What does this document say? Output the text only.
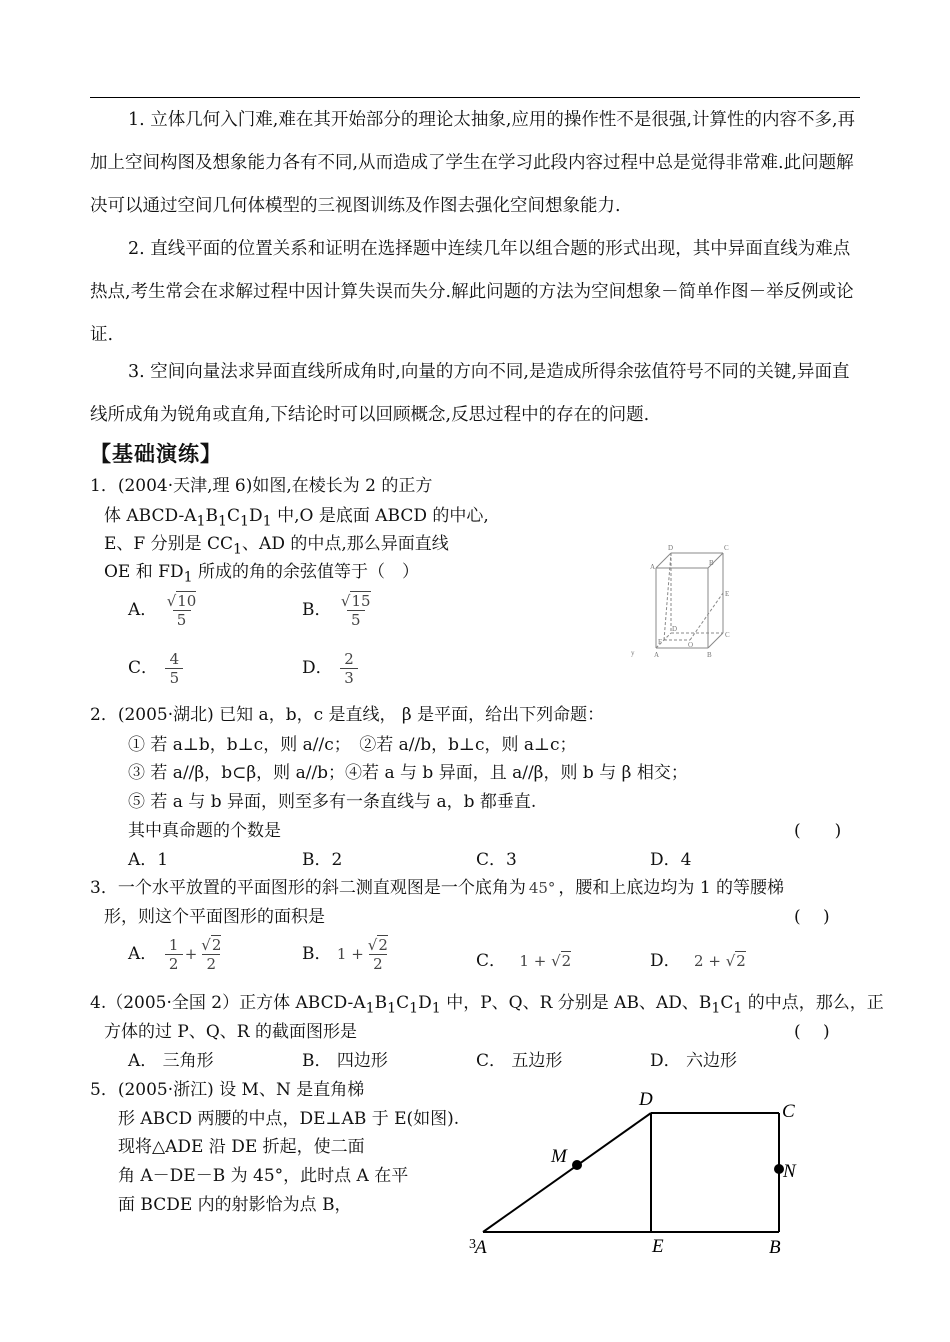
1. 立体几何入门难,难在其开始部分的理论太抽象,应用的操作性不是很强,计算性的内容不多,再加上空间构图及想象能力各有不同,从而造成了学生在学习此段内容过程中总是觉得非常难.此问题解决可以通过空间几何体模型的三视图训练及作图去强化空间想象能力.
2. 直线平面的位置关系和证明在选择题中连续几年以组合题的形式出现，其中异面直线为难点热点,考生常会在求解过程中因计算失误而失分.解此问题的方法为空间想象－简单作图－举反例或论证.
3. 空间向量法求异面直线所成角时,向量的方向不同,是造成所得余弦值符号不同的关键,异面直线所成角为锐角或直角,下结论时可以回顾概念,反思过程中的存在的问题.
【基础演练】
1．(2004·天津,理 6)如图,在棱长为 2 的正方
体 ABCD-$A_1B_1C_1D_1$ 中,O 是底面 ABCD 的中心,
E、F 分别是 $CC_1$、AD 的中点,那么异面直线
OE 和 $FD_1$ 所成的角的余弦值等于（　）
A． $\frac{√10}{5}$	B． $\frac{√15}{5}$
C． $\frac{4}{5}$	D． $\frac{2}{3}$
D	C
B
A
E
F	O
D
C
A	B
y
2．(2005·湖北) 已知 a，b，c 是直线， β 是平面，给出下列命题：
① 若 a⊥b，b⊥c，则 a//c；　②若 a//b，b⊥c，则 a⊥c；
③ 若 a//β，b⊂β，则 a//b；④若 a 与 b 异面，且 a//β，则 b 与 β 相交；
⑤ 若 a 与 b 异面，则至多有一条直线与 a，b 都垂直.
其中真命题的个数是	(　　)
A．1	B．2	C．3	D．4
3．一个水平放置的平面图形的斜二测直观图是一个底角为 45° ，腰和上底边均为 1 的等腰梯
形，则这个平面图形的面积是	(　 )
A． $\frac{1}{2} + \frac{√2}{2}$	B． $1 + \frac{√2}{2}$	C． 1 + √2	D． 2 + √2
4.（2005·全国 2）正方体 ABCD-$A_1B_1C_1D_1$ 中，P、Q、R 分别是 AB、AD、$B_1C_1$ 的中点，那么，正
方体的过 P、Q、R 的截面图形是	(　 )
A． 三角形	B． 四边形	C． 五边形	D． 六边形
5．(2005·浙江) 设 M、N 是直角梯
形 ABCD 两腰的中点，DE⊥AB 于 E(如图).
现将△ADE 沿 DE 折起，使二面
角 A－DE－B 为 45°，此时点 A 在平
面 BCDE 内的射影恰为点 B，
D
C
M
N
A	E	B
3
